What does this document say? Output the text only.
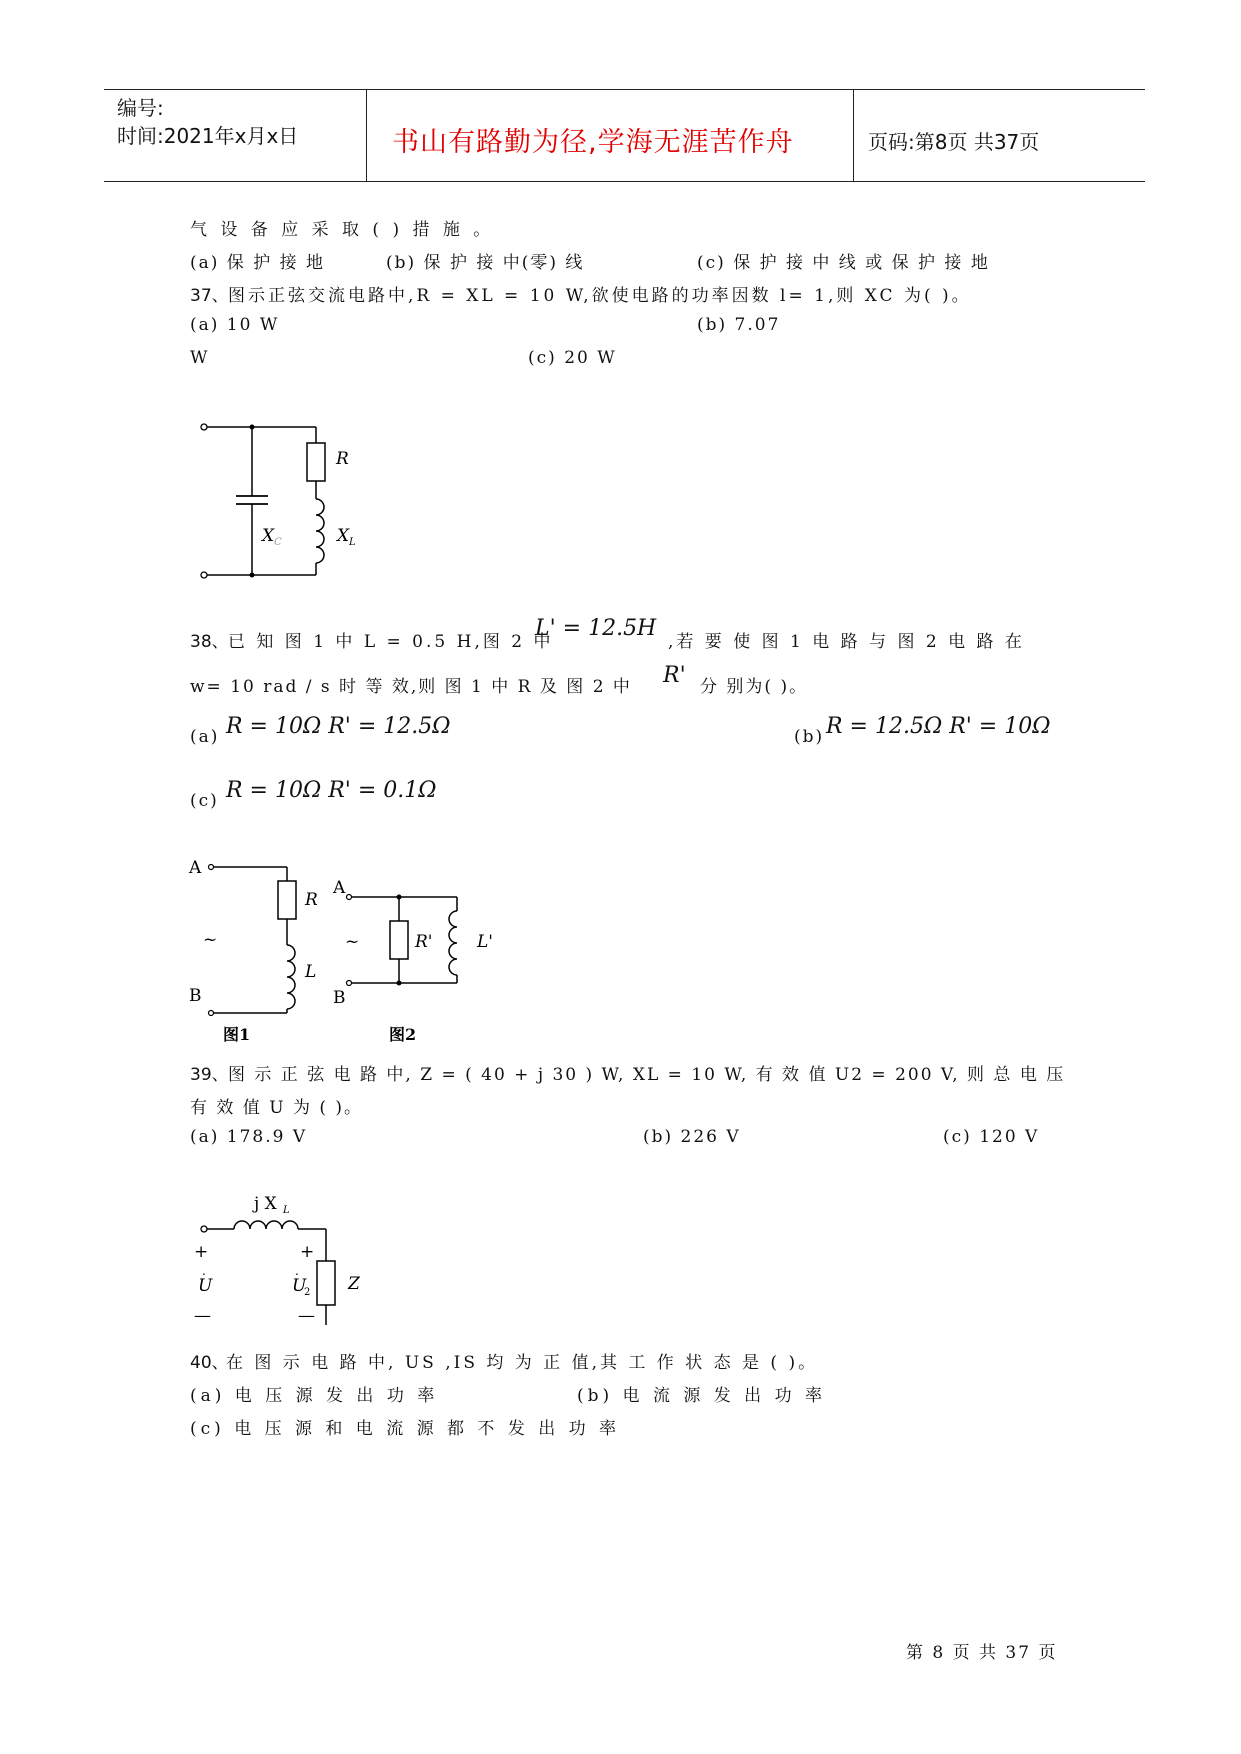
编号:
时间:2021年x月x日	书山有路勤为径,学海无涯苦作舟	页码:第8页 共37页
气 设 备 应 采 取 ( ) 措 施 。
(a) 保 护 接 地	(b) 保 护 接 中(零) 线	(c) 保 护 接 中 线 或 保 护 接 地
37、 图示正弦交流电路中,R = XL = 10 W,欲使电路的功率因数 l= 1,则 XC 为( )。
(a) 10 W	(b) 7.07
W	(c) 20 W
R
X C	X L
38、 已 知 图 1 中 L = 0.5 H,图 2 中
L' = 12.5H
,若 要 使 图 1 电 路 与 图 2 电 路 在
w= 10 rad / s 时 等 效,则 图 1 中 R 及 图 2 中 R' 分 别为( )。
(a) R = 10Ω R' = 12.5Ω	(b) R = 12.5Ω R' = 10Ω
(c) R = 10Ω R' = 0.1Ω
A
B
~
R
L
A
B
~	R'	L'
图1	图2
39、 图 示 正 弦 电 路 中, Z = ( 40 + j 30 ) W, XL = 10 W, 有 效 值 U2 = 200 V, 则 总 电 压
有 效 值 U 为 ( )。
(a) 178.9 V	(b) 226 V	(c) 120 V
j X L
+	+
U
.
U
2
.
—	—
Z
40、
在 图 示 电 路 中, US ,IS 均 为 正 值,其 工 作 状 态 是 ( )。
(a) 电 压 源 发 出 功 率	(b) 电 流 源 发 出 功 率
(c) 电 压 源 和 电 流 源 都 不 发 出 功 率
第 8 页 共 37 页
